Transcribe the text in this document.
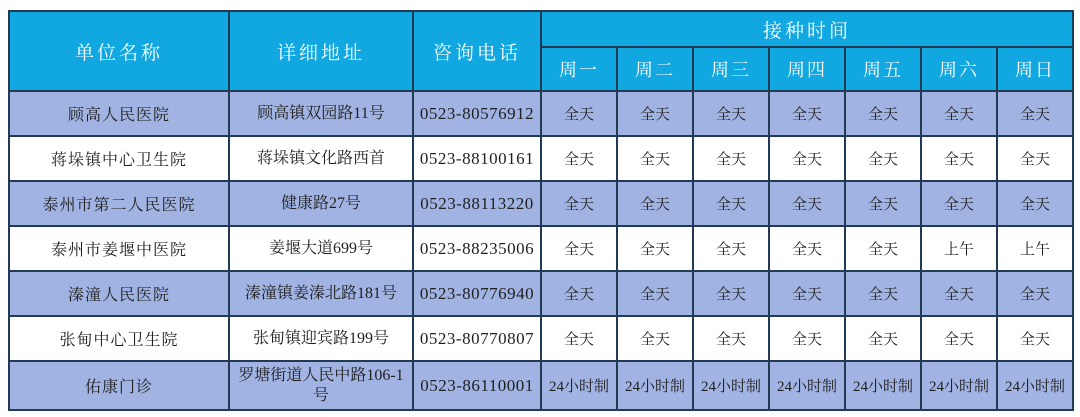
单位名称	详细地址	咨询电话	接种时间						
			周一	周二	周三	周四	周五	周六	周日
顾高人民医院	顾高镇双园路11号	0523-80576912	全天	全天	全天	全天	全天	全天	全天
蒋垛镇中心卫生院	蒋垛镇文化路西首	0523-88100161	全天	全天	全天	全天	全天	全天	全天
泰州市第二人民医院	健康路27号	0523-88113220	全天	全天	全天	全天	全天	全天	全天
泰州市姜堰中医院	姜堰大道699号	0523-88235006	全天	全天	全天	全天	全天	上午	上午
溱潼人民医院	溱潼镇姜溱北路181号	0523-80776940	全天	全天	全天	全天	全天	全天	全天
张甸中心卫生院	张甸镇迎宾路199号	0523-80770807	全天	全天	全天	全天	全天	全天	全天
佑康门诊	罗塘街道人民中路106-1号	0523-86110001	24小时制	24小时制	24小时制	24小时制	24小时制	24小时制	24小时制
